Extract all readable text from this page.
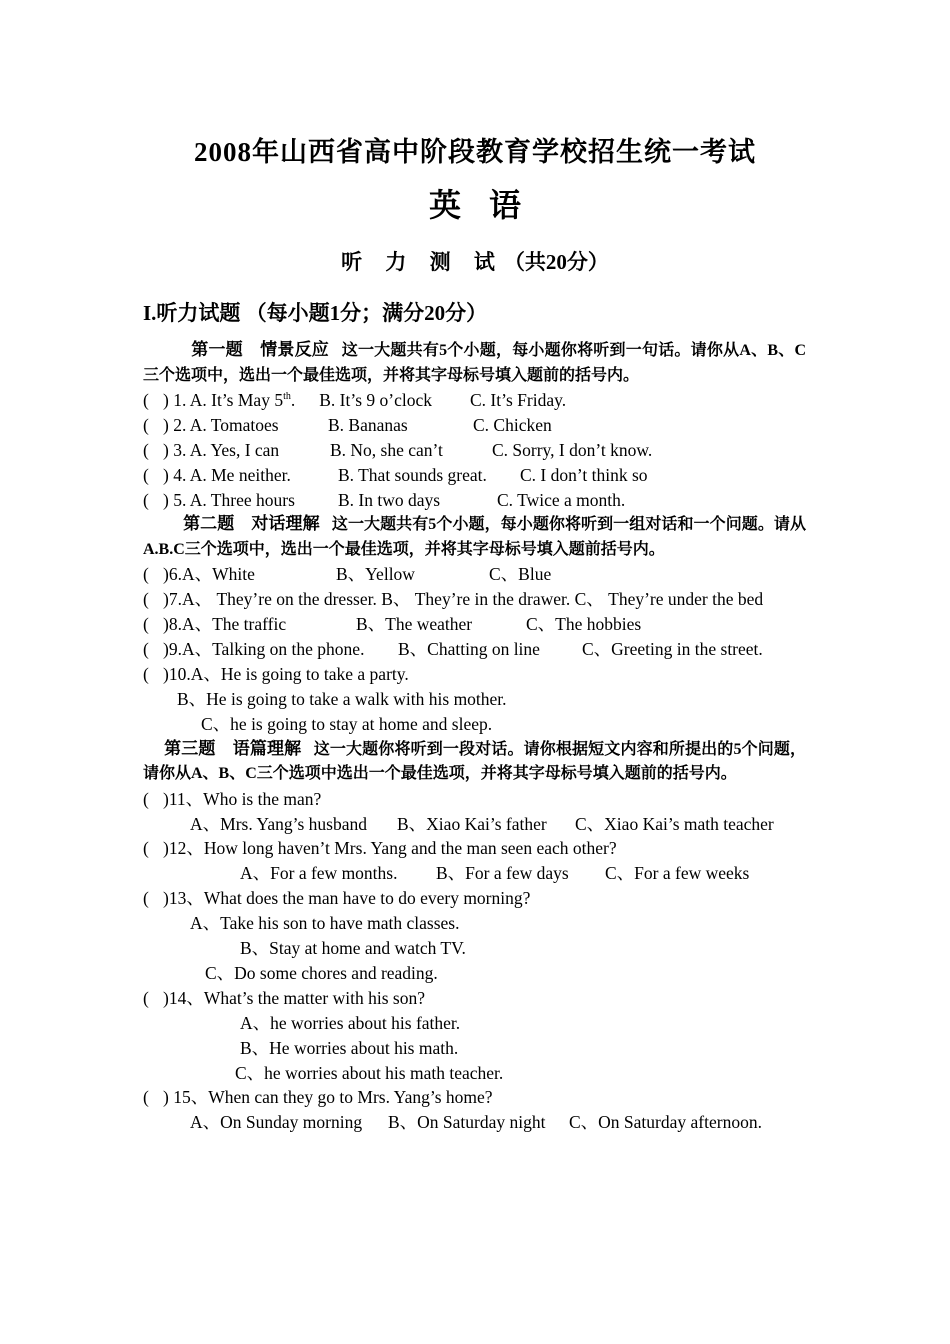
2008年山西省高中阶段教育学校招生统一考试
英语
听 力 测 试（共20分）
I.听力试题 （每小题1分；满分20分）
第一题　情景反应 这一大题共有5个小题，每小题你将听到一句话。请你从A、B、C三个选项中，选出一个最佳选项，并将其字母标号填入题前的括号内。
( ) 1. A. It’s May 5th. B. It’s 9 o’clock C. It’s Friday.
( ) 2. A. Tomatoes	B. Bananas	C. Chicken
( ) 3. A. Yes, I can	B. No, she can’t	C. Sorry, I don’t know.
( ) 4. A. Me neither.	B. That sounds great. C. I don’t think so
( ) 5. A. Three hours B. In two days	C. Twice a month.
第二题　对话理解 这一大题共有5个小题，每小题你将听到一组对话和一个问题。请从A.B.C三个选项中，选出一个最佳选项，并将其字母标号填入题前括号内。
( )6.A、White	B、Yellow	C、Blue
( )7.A、 They’re on the dresser. B、 They’re in the drawer. C、 They’re under the bed
( )8.A、The traffic	B、The weather	C、The hobbies
( )9.A、Talking on the phone. B、Chatting on line C、Greeting in the street.
( )10.A、He is going to take a party.
B、He is going to take a walk with his mother.
C、he is going to stay at home and sleep.
第三题　语篇理解 这一大题你将听到一段对话。请你根据短文内容和所提出的5个问题，请你从A、B、C三个选项中选出一个最佳选项，并将其字母标号填入题前的括号内。
( )11、Who is the man?
A、Mrs. Yang’s husband B、Xiao Kai’s father C、Xiao Kai’s math teacher
( )12、How long haven’t Mrs. Yang and the man seen each other?
A、For a few months. B、For a few days C、For a few weeks
( )13、What does the man have to do every morning?
A、Take his son to have math classes.
B、Stay at home and watch TV.
C、Do some chores and reading.
( )14、What’s the matter with his son?
A、he worries about his father.
B、He worries about his math.
C、he worries about his math teacher.
( ) 15、When can they go to Mrs. Yang’s home?
A、On Sunday morning B、On Saturday night C、On Saturday afternoon.
